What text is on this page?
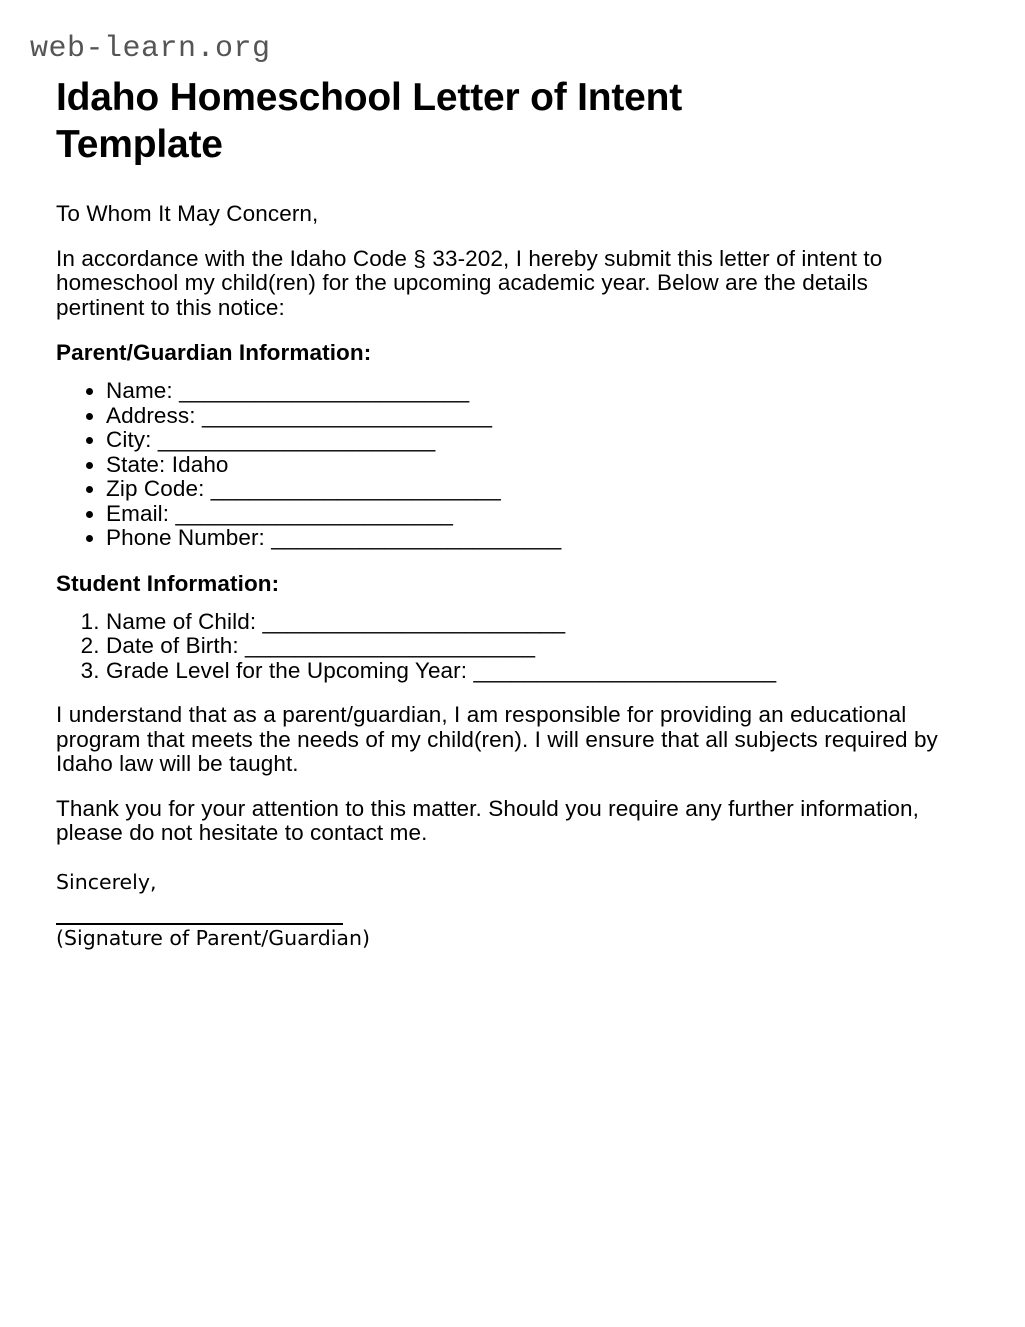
web-learn.org
Idaho Homeschool Letter of Intent Template

To Whom It May Concern,

In accordance with the Idaho Code § 33-202, I hereby submit this letter of intent to homeschool my child(ren) for the upcoming academic year. Below are the details pertinent to this notice:

Parent/Guardian Information:
• Name: _______________________
• Address: _______________________
• City: ______________________
• State: Idaho
• Zip Code: _______________________
• Email: ______________________
• Phone Number: _______________________
Student Information:
1. Name of Child: ________________________
2. Date of Birth: _______________________
3. Grade Level for the Upcoming Year: ________________________

I understand that as a parent/guardian, I am responsible for providing an educational program that meets the needs of my child(ren). I will ensure that all subjects required by Idaho law will be taught.

Thank you for your attention to this matter. Should you require any further information, please do not hesitate to contact me.

Sincerely,

(Signature of Parent/Guardian)
